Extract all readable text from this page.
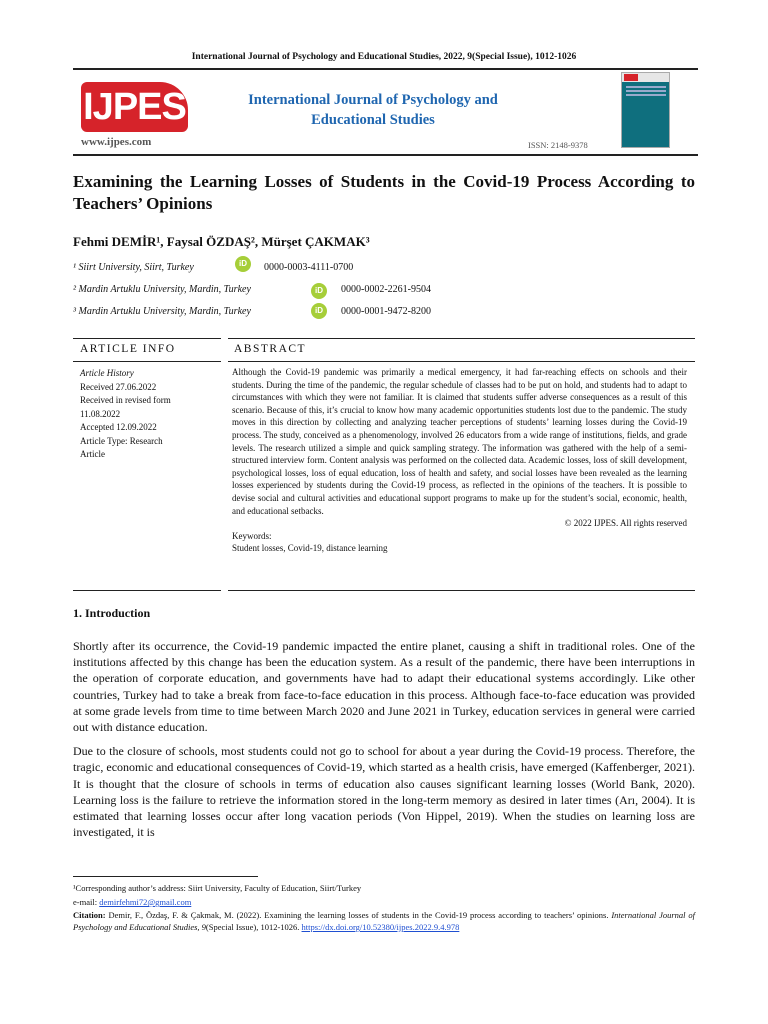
International Journal of Psychology and Educational Studies, 2022, 9(Special Issue), 1012-1026
IJPES
www.ijpes.com
International Journal of Psychology and Educational Studies
ISSN: 2148-9378
Examining the Learning Losses of Students in the Covid-19 Process According to Teachers’ Opinions
Fehmi DEMİR¹, Faysal ÖZDAŞ², Mürşet ÇAKMAK³
¹ Siirt University, Siirt, Turkey	iD	0000-0003-4111-0700
² Mardin Artuklu University, Mardin, Turkey	iD	0000-0002-2261-9504
³ Mardin Artuklu University, Mardin, Turkey	iD	0000-0001-9472-8200
ARTICLE INFO	ABSTRACT
Article History
Received 27.06.2022
Received in revised form
11.08.2022
Accepted 12.09.2022
Article Type: Research
Article
Although the Covid-19 pandemic was primarily a medical emergency, it had far-reaching effects on schools and their students. During the time of the pandemic, the regular schedule of classes had to be put on hold, and students had to adapt to circumstances with which they were not familiar. It is claimed that students suffer adverse consequences as a result of this scenario. Because of this, it’s crucial to know how many academic opportunities students lost due to the pandemic. The study moves in this direction by collecting and analyzing teacher perceptions of students’ learning losses during the Covid-19 process. The study, conceived as a phenomenology, involved 26 educators from a wide range of institutions, fields, and grade levels. The research utilized a simple and quick sampling strategy. The information was gathered with the help of a semi-structured interview form. Content analysis was performed on the collected data. Academic losses, loss of skill development, psychological losses, loss of equal education, loss of health and safety, and social losses have been revealed as the learning losses experienced by students during the Covid-19 process, as reflected in the opinions of the teachers. It is possible to devise social and cultural activities and educational support programs to make up for the student’s social, economic, health, and educational setbacks.
© 2022 IJPES. All rights reserved
Keywords:
Student losses, Covid-19, distance learning
1. Introduction

Shortly after its occurrence, the Covid-19 pandemic impacted the entire planet, causing a shift in traditional roles. One of the institutions affected by this change has been the education system. As a result of the pandemic, there have been interruptions in the operation of corporate education, and governments have had to adapt their educational systems accordingly. Like other countries, Turkey had to take a break from face-to-face education in this process. Although face-to-face education was provided at some grade levels from time to time between March 2020 and June 2021 in Turkey, education services in general were carried out with distance education.

Due to the closure of schools, most students could not go to school for about a year during the Covid-19 process. Therefore, the tragic, economic and educational consequences of Covid-19, which started as a health crisis, have emerged (Kaffenberger, 2021). It is thought that the closure of schools in terms of education also causes significant learning losses (World Bank, 2020). Learning loss is the failure to retrieve the information stored in the long-term memory as desired in later times (Arı, 2004). It is estimated that learning losses occur after long vacation periods (Von Hippel, 2019). When the studies on learning loss are investigated, it is

¹Corresponding author’s address: Siirt University, Faculty of Education, Siirt/Turkey
e-mail: demirfehmi72@gmail.com
Citation: Demir, F., Özdaş, F. & Çakmak, M. (2022). Examining the learning losses of students in the Covid-19 process according to teachers’ opinions. International Journal of Psychology and Educational Studies, 9(Special Issue), 1012-1026. https://dx.doi.org/10.52380/ijpes.2022.9.4.978
